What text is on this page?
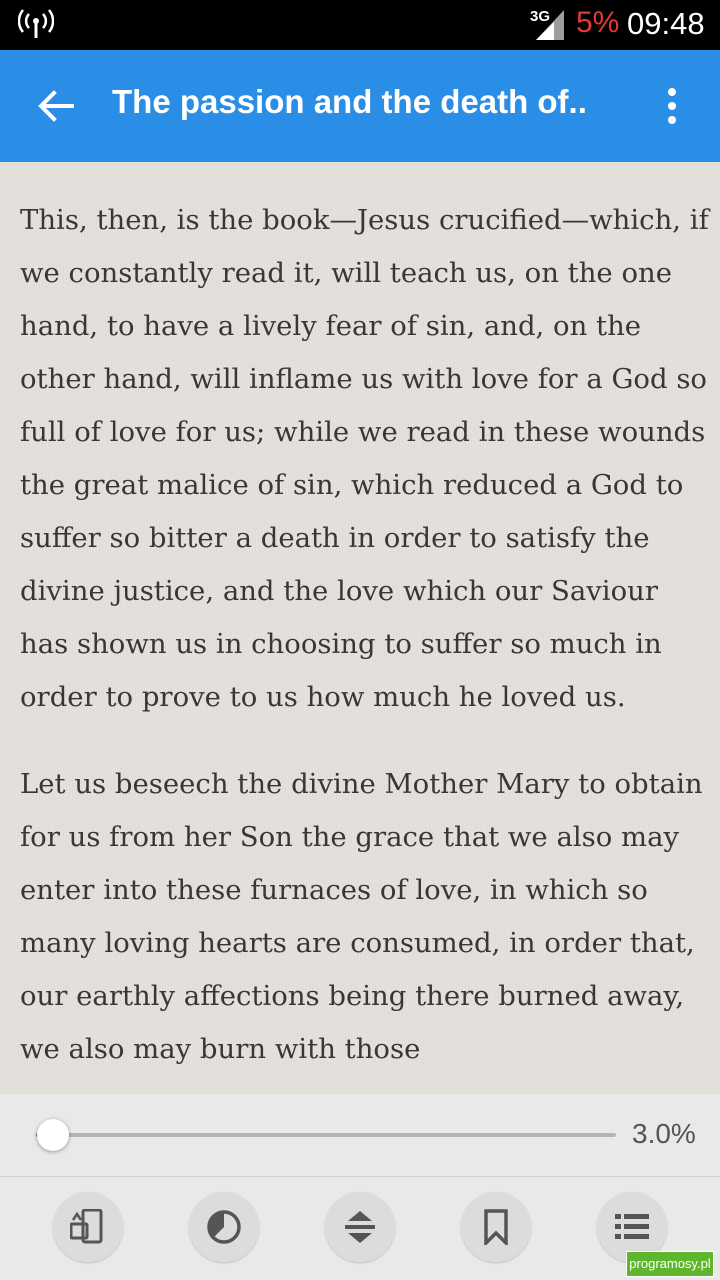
3G 5% 09:48
The passion and the death of..

This, then, is the book—Jesus crucified—which, if we constantly read it, will teach us, on the one hand, to have a lively fear of sin, and, on the other hand, will inflame us with love for a God so full of love for us; while we read in these wounds the great malice of sin, which reduced a God to suffer so bitter a death in order to satisfy the divine justice, and the love which our Saviour has shown us in choosing to suffer so much in order to prove to us how much he loved us.

Let us beseech the divine Mother Mary to obtain for us from her Son the grace that we also may enter into these furnaces of love, in which so many loving hearts are consumed, in order that, our earthly affections being there burned away, we also may burn with those

3.0%
programosy.pl
